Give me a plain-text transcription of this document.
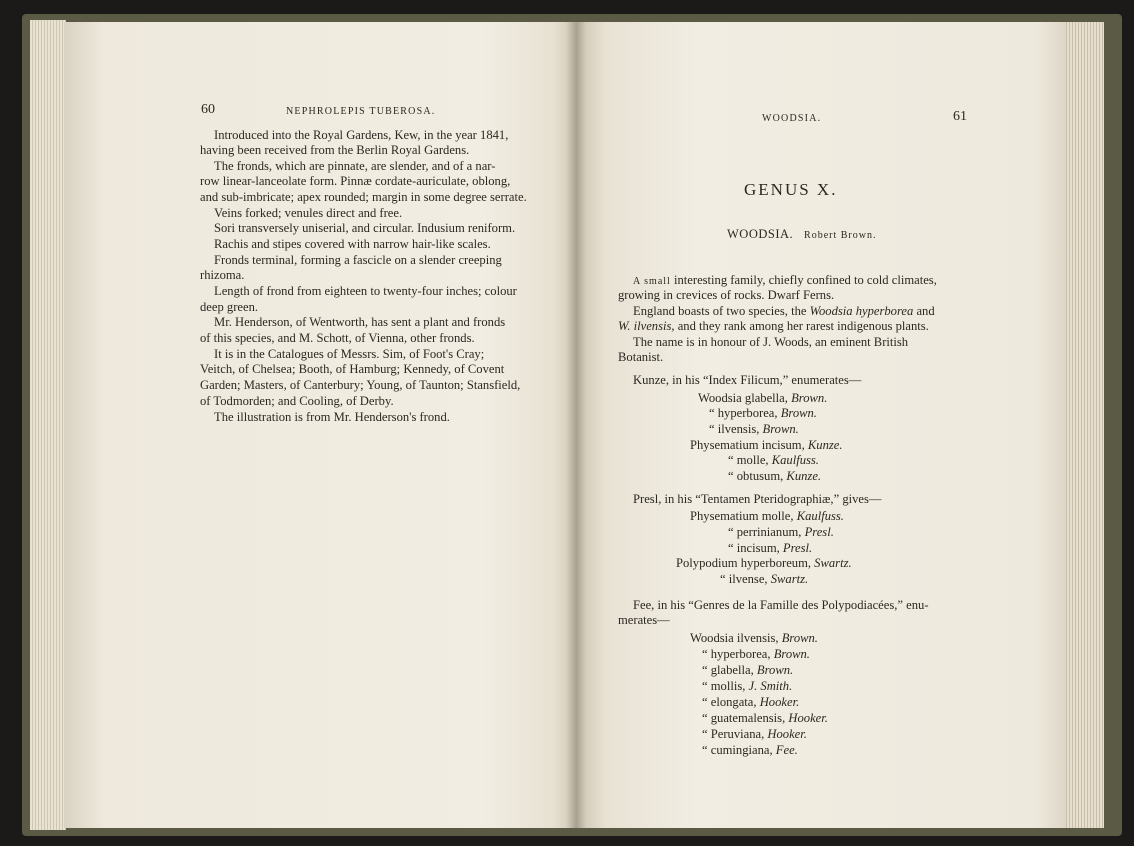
60	NEPHROLEPIS TUBEROSA.
Introduced into the Royal Gardens, Kew, in the year 1841,
having been received from the Berlin Royal Gardens.
The fronds, which are pinnate, are slender, and of a nar-
row linear-lanceolate form. Pinnæ cordate-auriculate, oblong,
and sub-imbricate; apex rounded; margin in some degree serrate.
Veins forked; venules direct and free.
Sori transversely uniserial, and circular. Indusium reniform.
Rachis and stipes covered with narrow hair-like scales.
Fronds terminal, forming a fascicle on a slender creeping
rhizoma.
Length of frond from eighteen to twenty-four inches; colour
deep green.
Mr. Henderson, of Wentworth, has sent a plant and fronds
of this species, and M. Schott, of Vienna, other fronds.
It is in the Catalogues of Messrs. Sim, of Foot's Cray;
Veitch, of Chelsea; Booth, of Hamburg; Kennedy, of Covent
Garden; Masters, of Canterbury; Young, of Taunton; Stansfield,
of Todmorden; and Cooling, of Derby.
The illustration is from Mr. Henderson's frond.
WOODSIA.	61
GENUS X.
WOODSIA. Robert Brown.
A small interesting family, chiefly confined to cold climates,
growing in crevices of rocks. Dwarf Ferns.
England boasts of two species, the Woodsia hyperborea and
W. ilvensis, and they rank among her rarest indigenous plants.
The name is in honour of J. Woods, an eminent British
Botanist.
Kunze, in his “Index Filicum,” enumerates—
Woodsia glabella, Brown.
“ hyperborea, Brown.
“ ilvensis, Brown.
Physematium incisum, Kunze.
“ molle, Kaulfuss.
“ obtusum, Kunze.
Presl, in his “Tentamen Pteridographiæ,” gives—
Physematium molle, Kaulfuss.
“ perrinianum, Presl.
“ incisum, Presl.
Polypodium hyperboreum, Swartz.
“ ilvense, Swartz.
Fee, in his “Genres de la Famille des Polypodiacées,” enu-
merates—
Woodsia ilvensis, Brown.
“ hyperborea, Brown.
“ glabella, Brown.
“ mollis, J. Smith.
“ elongata, Hooker.
“ guatemalensis, Hooker.
“ Peruviana, Hooker.
“ cumingiana, Fee.
